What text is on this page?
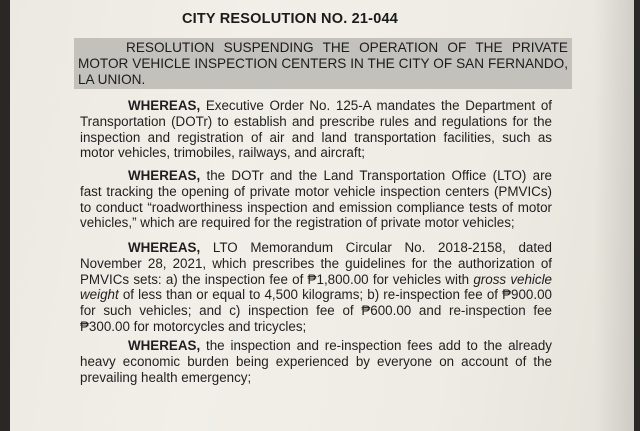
CITY RESOLUTION NO. 21-044
RESOLUTION SUSPENDING THE OPERATION OF THE PRIVATE MOTOR VEHICLE INSPECTION CENTERS IN THE CITY OF SAN FERNANDO, LA UNION.
WHEREAS, Executive Order No. 125-A mandates the Department of Transportation (DOTr) to establish and prescribe rules and regulations for the inspection and registration of air and land transportation facilities, such as motor vehicles, trimobiles, railways, and aircraft;
WHEREAS, the DOTr and the Land Transportation Office (LTO) are fast tracking the opening of private motor vehicle inspection centers (PMVICs) to conduct “roadworthiness inspection and emission compliance tests of motor vehicles,” which are required for the registration of private motor vehicles;
WHEREAS, LTO Memorandum Circular No. 2018-2158, dated November 28, 2021, which prescribes the guidelines for the authorization of PMVICs sets: a) the inspection fee of ₱1,800.00 for vehicles with gross vehicle weight of less than or equal to 4,500 kilograms; b) re-inspection fee of ₱900.00 for such vehicles; and c) inspection fee of ₱600.00 and re-inspection fee ₱300.00 for motorcycles and tricycles;
WHEREAS, the inspection and re-inspection fees add to the already heavy economic burden being experienced by everyone on account of the prevailing health emergency;
